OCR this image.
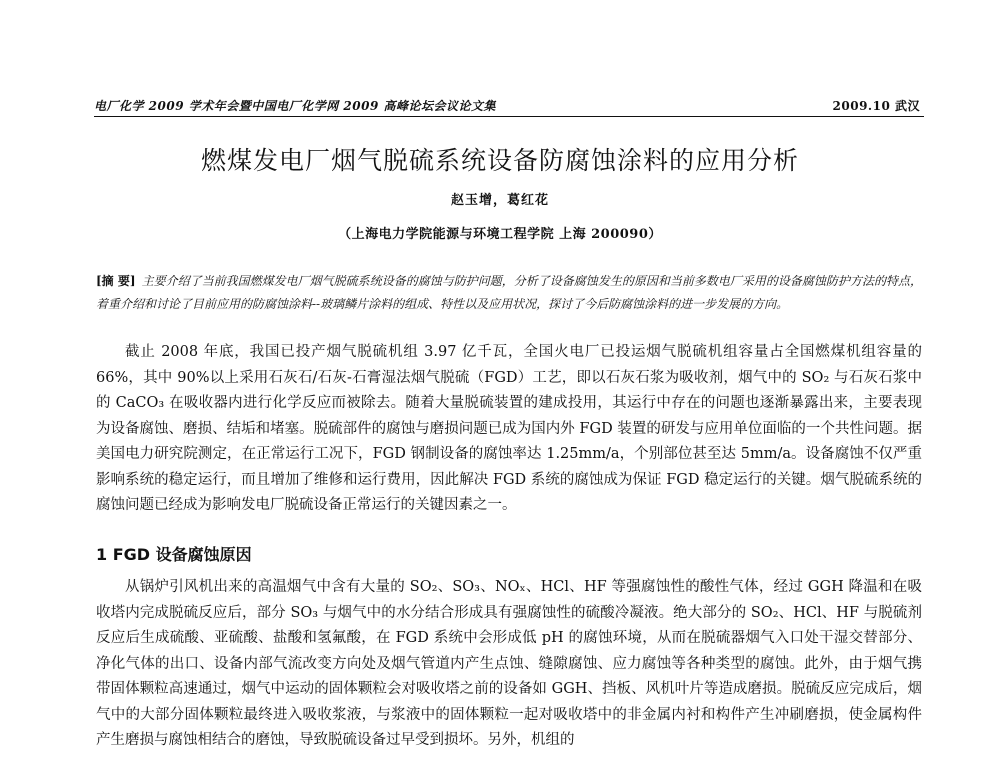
电厂化学 2009 学术年会暨中国电厂化学网 2009 高峰论坛会议论文集	2009.10 武汉
燃煤发电厂烟气脱硫系统设备防腐蚀涂料的应用分析
赵玉增，葛红花
（上海电力学院能源与环境工程学院 上海 200090）
[摘 要] 主要介绍了当前我国燃煤发电厂烟气脱硫系统设备的腐蚀与防护问题，分析了设备腐蚀发生的原因和当前多数电厂采用的设备腐蚀防护方法的特点，着重介绍和讨论了目前应用的防腐蚀涂料--玻璃鳞片涂料的组成、特性以及应用状况，探讨了今后防腐蚀涂料的进一步发展的方向。
截止 2008 年底，我国已投产烟气脱硫机组 3.97 亿千瓦，全国火电厂已投运烟气脱硫机组容量占全国燃煤机组容量的 66%，其中 90%以上采用石灰石/石灰-石膏湿法烟气脱硫（FGD）工艺，即以石灰石浆为吸收剂，烟气中的 SO₂ 与石灰石浆中的 CaCO₃ 在吸收器内进行化学反应而被除去。随着大量脱硫装置的建成投用，其运行中存在的问题也逐渐暴露出来，主要表现为设备腐蚀、磨损、结垢和堵塞。脱硫部件的腐蚀与磨损问题已成为国内外 FGD 装置的研发与应用单位面临的一个共性问题。据美国电力研究院测定，在正常运行工况下，FGD 钢制设备的腐蚀率达 1.25mm/a，个别部位甚至达 5mm/a。设备腐蚀不仅严重影响系统的稳定运行，而且增加了维修和运行费用，因此解决 FGD 系统的腐蚀成为保证 FGD 稳定运行的关键。烟气脱硫系统的腐蚀问题已经成为影响发电厂脱硫设备正常运行的关键因素之一。
1 FGD 设备腐蚀原因
从锅炉引风机出来的高温烟气中含有大量的 SO₂、SO₃、NOₓ、HCl、HF 等强腐蚀性的酸性气体，经过 GGH 降温和在吸收塔内完成脱硫反应后，部分 SO₃ 与烟气中的水分结合形成具有强腐蚀性的硫酸冷凝液。绝大部分的 SO₂、HCl、HF 与脱硫剂反应后生成硫酸、亚硫酸、盐酸和氢氟酸，在 FGD 系统中会形成低 pH 的腐蚀环境，从而在脱硫器烟气入口处干湿交替部分、净化气体的出口、设备内部气流改变方向处及烟气管道内产生点蚀、缝隙腐蚀、应力腐蚀等各种类型的腐蚀。此外，由于烟气携带固体颗粒高速通过，烟气中运动的固体颗粒会对吸收塔之前的设备如 GGH、挡板、风机叶片等造成磨损。脱硫反应完成后，烟气中的大部分固体颗粒最终进入吸收浆液，与浆液中的固体颗粒一起对吸收塔中的非金属内衬和构件产生冲刷磨损，使金属构件产生磨损与腐蚀相结合的磨蚀，导致脱硫设备过早受到损坏。另外，机组的
